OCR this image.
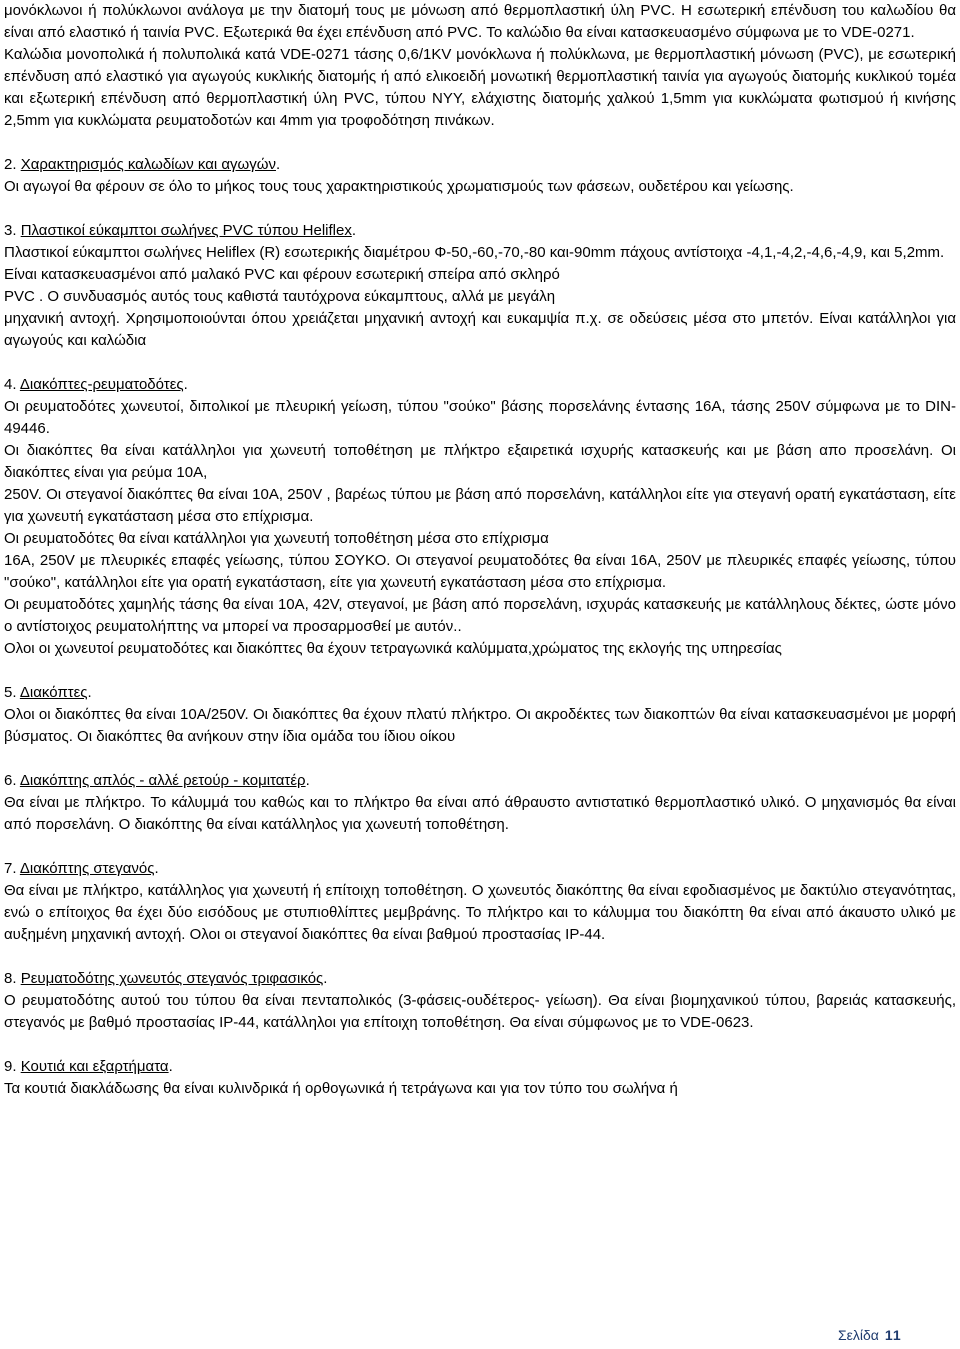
μονόκλωνοι ή πολύκλωνοι ανάλογα με την διατομή τους με μόνωση από θερμοπλαστική ύλη PVC. Η εσωτερική επένδυση του καλωδίου θα είναι από ελαστικό ή ταινία PVC. Εξωτερικά θα έχει επένδυση από PVC. Το καλώδιο θα είναι κατασκευασμένο σύμφωνα με το VDE-0271.

Καλώδια μονοπολικά ή πολυπολικά κατά VDE-0271 τάσης 0,6/1KV μονόκλωνα ή πολύκλωνα, με θερμοπλαστική μόνωση (PVC), με εσωτερική επένδυση από ελαστικό για αγωγούς κυκλικής διατομής ή από ελικοειδή μονωτική θερμοπλαστική ταινία για αγωγούς διατομής κυκλικού τομέα και εξωτερική επένδυση από θερμοπλαστική ύλη PVC, τύπου NYY, ελάχιστης διατομής χαλκού 1,5mm για κυκλώματα φωτισμού ή κινήσης 2,5mm για κυκλώματα ρευματοδοτών και 4mm για τροφοδότηση πινάκων.

2. Χαρακτηρισμός καλωδίων και αγωγών.

Οι αγωγοί θα φέρουν σε όλο το μήκος τους τους χαρακτηριστικούς χρωματισμούς των φάσεων, ουδετέρου και γείωσης.

3. Πλαστικοί εύκαμπτοι σωλήνες PVC τύπου Heliflex.

Πλαστικοί εύκαμπτοι σωλήνες Heliflex (R) εσωτερικής διαμέτρου Φ-50,-60,-70,-80 και-90mm πάχους αντίστοιχα -4,1,-4,2,-4,6,-4,9, και 5,2mm.

Είναι κατασκευασμένοι από μαλακό PVC και φέρουν εσωτερική σπείρα από σκληρό

PVC . Ο συνδυασμός αυτός τους καθιστά ταυτόχρονα εύκαμπτους, αλλά με μεγάλη

μηχανική αντοχή. Χρησιμοποιούνται όπου χρειάζεται μηχανική αντοχή και ευκαμψία π.χ. σε οδεύσεις μέσα στο μπετόν. Είναι κατάλληλοι για αγωγούς και καλώδια

4. Διακόπτες-ρευματοδότες.

Οι ρευματοδότες χωνευτοί, διπολικοί με πλευρική γείωση, τύπου "σούκο" βάσης πορσελάνης έντασης 16Α, τάσης 250V σύμφωνα με το DIN-49446.

Οι διακόπτες θα είναι κατάλληλοι για χωνευτή τοποθέτηση με πλήκτρο εξαιρετικά ισχυρής κατασκευής και με βάση απο προσελάνη. Οι διακόπτες είναι για ρεύμα 10Α,

250V. Οι στεγανοί διακόπτες θα είναι 10Α, 250V , βαρέως τύπου με βάση από πορσελάνη, κατάλληλοι είτε για στεγανή ορατή εγκατάσταση, είτε για χωνευτή εγκατάσταση μέσα στο επίχρισμα.

Οι ρευματοδότες θα είναι κατάλληλοι για χωνευτή τοποθέτηση μέσα στο επίχρισμα

16Α, 250V με πλευρικές επαφές γείωσης, τύπου ΣΟΥΚΟ. Οι στεγανοί ρευματοδότες θα είναι 16Α, 250V με πλευρικές επαφές γείωσης, τύπου "σούκο", κατάλληλοι είτε για ορατή εγκατάσταση, είτε για χωνευτή εγκατάσταση μέσα στο επίχρισμα.

Οι ρευματοδότες χαμηλής τάσης θα είναι 10Α, 42V, στεγανοί, με βάση από πορσελάνη, ισχυράς κατασκευής με κατάλληλους δέκτες, ώστε μόνο ο αντίστοιχος ρευματολήπτης να μπορεί να προσαρμοσθεί με αυτόν..

Ολοι οι χωνευτοί ρευματοδότες και διακόπτες θα έχουν τετραγωνικά καλύμματα,χρώματος της εκλογής της υπηρεσίας

5. Διακόπτες.

Ολοι οι διακόπτες θα είναι 10Α/250V. Οι διακόπτες θα έχουν πλατύ πλήκτρο. Οι ακροδέκτες των διακοπτών θα είναι κατασκευασμένοι με μορφή βύσματος. Οι διακόπτες θα ανήκουν στην ίδια ομάδα του ίδιου οίκου

6. Διακόπτης απλός - αλλέ ρετούρ - κομιτατέρ.

Θα είναι με πλήκτρο. Το κάλυμμά του καθώς και το πλήκτρο θα είναι από άθραυστο αντιστατικό θερμοπλαστικό υλικό. Ο μηχανισμός θα είναι από πορσελάνη. Ο διακόπτης θα είναι κατάλληλος για χωνευτή τοποθέτηση.

7. Διακόπτης στεγανός.

Θα είναι με πλήκτρο, κατάλληλος για χωνευτή ή επίτοιχη τοποθέτηση. Ο χωνευτός διακόπτης θα είναι εφοδιασμένος με δακτύλιο στεγανότητας, ενώ ο επίτοιχος θα έχει δύο εισόδους με στυπιοθλίπτες μεμβράνης. Το πλήκτρο και το κάλυμμα του διακόπτη θα είναι από άκαυστο υλικό με αυξημένη μηχανική αντοχή. Ολοι οι στεγανοί διακόπτες θα είναι βαθμού προστασίας IP-44.

8. Ρευματοδότης χωνευτός στεγανός τριφασικός.

Ο ρευματοδότης αυτού του τύπου θα είναι πενταπολικός (3-φάσεις-ουδέτερος- γείωση). Θα είναι βιομηχανικού τύπου, βαρειάς κατασκευής, στεγανός με βαθμό προστασίας IP-44, κατάλληλοι για επίτοιχη τοποθέτηση. Θα είναι σύμφωνος με το VDE-0623.

9. Κουτιά και εξαρτήματα.

Τα κουτιά διακλάδωσης θα είναι κυλινδρικά ή ορθογωνικά ή τετράγωνα και για τον τύπο του σωλήνα ή

Σελίδα 11
